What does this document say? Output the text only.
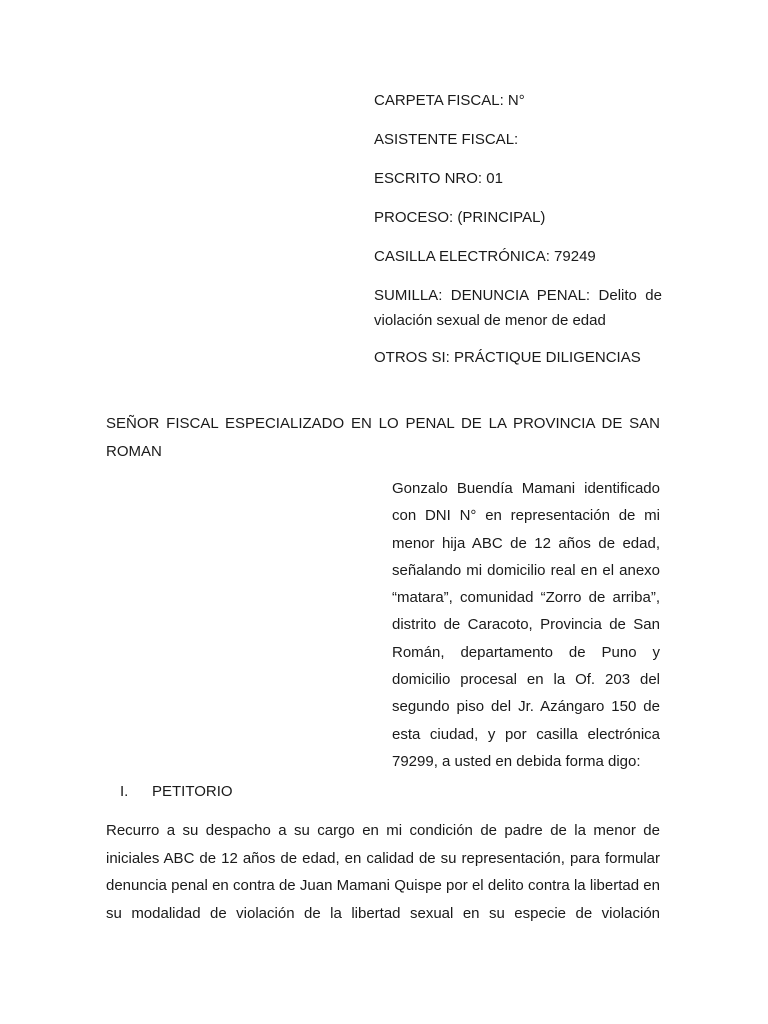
CARPETA FISCAL: N°

ASISTENTE FISCAL:

ESCRITO NRO: 01

PROCESO: (PRINCIPAL)

CASILLA ELECTRÓNICA: 79249

SUMILLA: DENUNCIA PENAL: Delito de violación sexual de menor de edad

OTROS SI: PRÁCTIQUE DILIGENCIAS

SEÑOR FISCAL ESPECIALIZADO EN LO PENAL DE LA PROVINCIA DE SAN ROMAN
Gonzalo Buendía Mamani identificado con DNI N° en representación de mi menor hija ABC de 12 años de edad, señalando mi domicilio real en el anexo “matara”, comunidad “Zorro de arriba”, distrito de Caracoto, Provincia de San Román, departamento de Puno y domicilio procesal en la Of. 203 del segundo piso del Jr. Azángaro 150 de esta ciudad, y por casilla electrónica 79299, a usted en debida forma digo:
I. PETITORIO
Recurro a su despacho a su cargo en mi condición de padre de la menor de iniciales ABC de 12 años de edad, en calidad de su representación, para formular denuncia penal en contra de Juan Mamani Quispe por el delito contra la libertad en su modalidad de violación de la libertad sexual en su especie de violación
